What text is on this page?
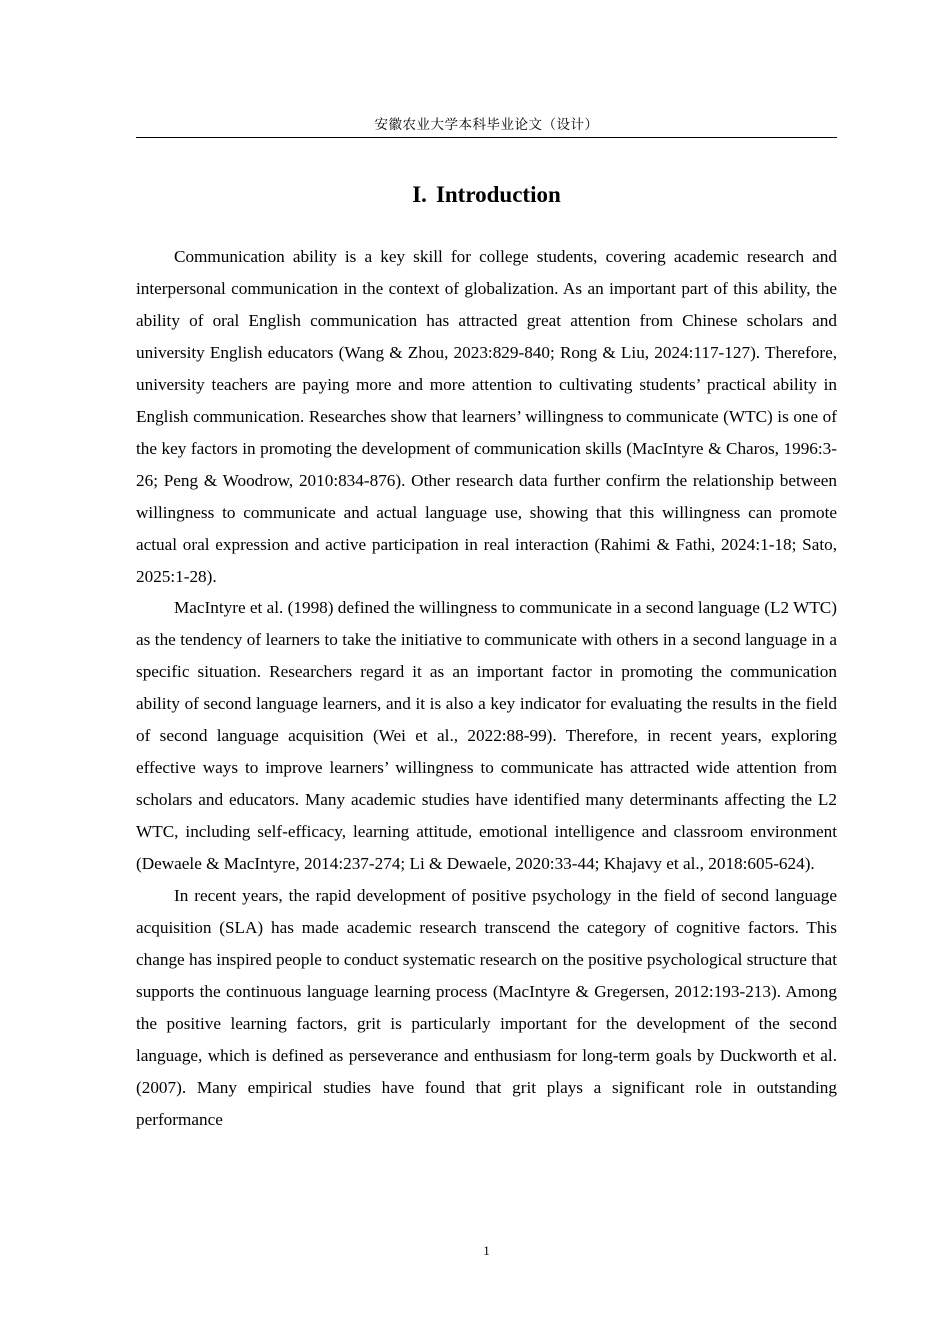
安徽农业大学本科毕业论文（设计）
I. Introduction

Communication ability is a key skill for college students, covering academic research and interpersonal communication in the context of globalization. As an important part of this ability, the ability of oral English communication has attracted great attention from Chinese scholars and university English educators (Wang & Zhou, 2023:829-840; Rong & Liu, 2024:117-127). Therefore, university teachers are paying more and more attention to cultivating students’ practical ability in English communication. Researches show that learners’ willingness to communicate (WTC) is one of the key factors in promoting the development of communication skills (MacIntyre & Charos, 1996:3-26; Peng & Woodrow, 2010:834-876). Other research data further confirm the relationship between willingness to communicate and actual language use, showing that this willingness can promote actual oral expression and active participation in real interaction (Rahimi & Fathi, 2024:1-18; Sato, 2025:1-28).

MacIntyre et al. (1998) defined the willingness to communicate in a second language (L2 WTC) as the tendency of learners to take the initiative to communicate with others in a second language in a specific situation. Researchers regard it as an important factor in promoting the communication ability of second language learners, and it is also a key indicator for evaluating the results in the field of second language acquisition (Wei et al., 2022:88-99). Therefore, in recent years, exploring effective ways to improve learners’ willingness to communicate has attracted wide attention from scholars and educators. Many academic studies have identified many determinants affecting the L2 WTC, including self-efficacy, learning attitude, emotional intelligence and classroom environment (Dewaele & MacIntyre, 2014:237-274; Li & Dewaele, 2020:33-44; Khajavy et al., 2018:605-624).

In recent years, the rapid development of positive psychology in the field of second language acquisition (SLA) has made academic research transcend the category of cognitive factors. This change has inspired people to conduct systematic research on the positive psychological structure that supports the continuous language learning process (MacIntyre & Gregersen, 2012:193-213). Among the positive learning factors, grit is particularly important for the development of the second language, which is defined as perseverance and enthusiasm for long-term goals by Duckworth et al. (2007). Many empirical studies have found that grit plays a significant role in outstanding performance

1
